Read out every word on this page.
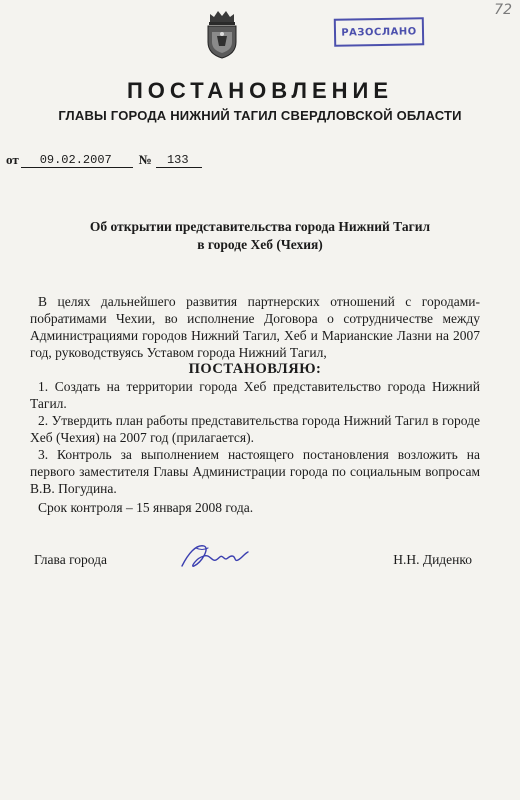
72
РАЗОСЛАНО
ПОСТАНОВЛЕНИЕ
ГЛАВЫ ГОРОДА НИЖНИЙ ТАГИЛ СВЕРДЛОВСКОЙ ОБЛАСТИ
от	09.02.2007	№	133
Об открытии представительства города Нижний Тагил
в городе Хеб (Чехия)

В целях дальнейшего развития партнерских отношений с городами-побратимами Чехии, во исполнение Договора о сотрудничестве между Администрациями городов Нижний Тагил, Хеб и Марианские Лазни на 2007 год, руководствуясь Уставом города Нижний Тагил,

ПОСТАНОВЛЯЮ:

1. Создать на территории города Хеб представительство города Нижний Тагил.

2. Утвердить план работы представительства города Нижний Тагил в городе Хеб (Чехия) на 2007 год (прилагается).

3. Контроль за выполнением настоящего постановления возложить на первого заместителя Главы Администрации города по социальным вопросам В.В. Погудина.

Срок контроля – 15 января 2008 года.

Глава города	Н.Н. Диденко
